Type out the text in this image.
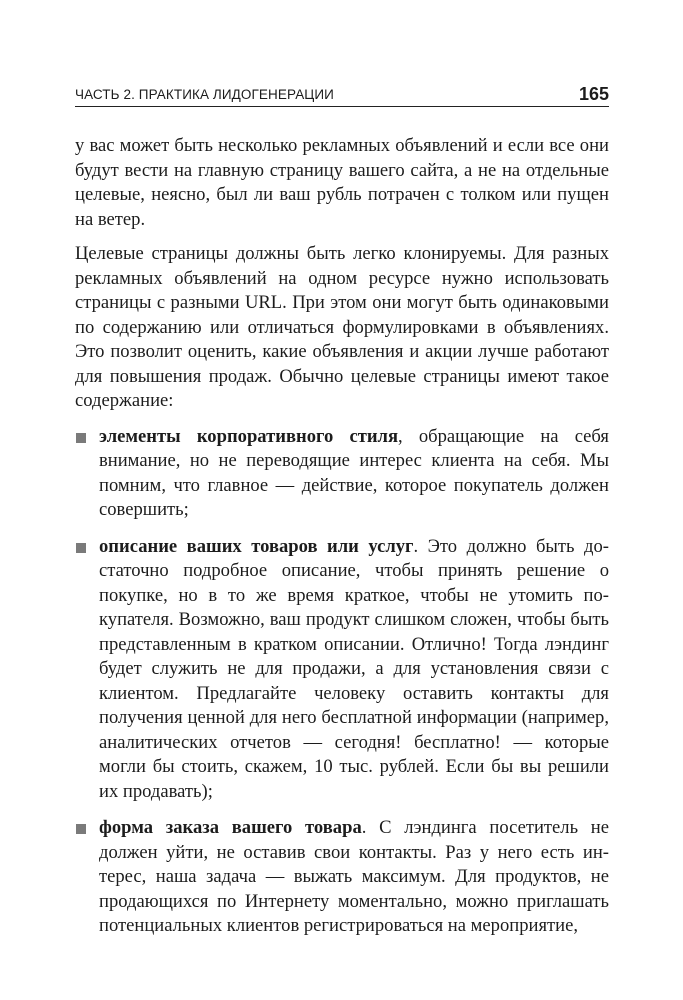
ЧАСТЬ 2. ПРАКТИКА ЛИДОГЕНЕРАЦИИ	165

у вас может быть несколько рекламных объявлений и если все они будут вести на главную страницу вашего сайта, а не на отдельные целевые, неясно, был ли ваш рубль потрачен с толком или пущен на ветер.

Целевые страницы должны быть легко клонируемы. Для разных рекламных объявлений на одном ресурсе нужно использовать страницы с разными URL. При этом они могут быть одинаковыми по содержанию или отличаться формулировками в объявлениях. Это позволит оценить, какие объявления и акции лучше работают для повышения продаж. Обычно целевые страницы имеют такое содержание:

элементы корпоративного стиля, обращающие на себя внимание, но не переводящие интерес клиента на себя. Мы помним, что главное — действие, которое покупатель должен совершить;
описание ваших товаров или услуг. Это должно быть достаточно подробное описание, чтобы принять решение о покупке, но в то же время краткое, чтобы не утомить покупателя. Возможно, ваш продукт слишком сложен, чтобы быть представленным в кратком описании. Отлично! Тогда лэндинг будет служить не для продажи, а для установления связи с клиентом. Предлагайте человеку оставить контакты для получения ценной для него бесплатной информации (например, аналитических отчетов — сегодня! бесплатно! — которые могли бы стоить, скажем, 10 тыс. рублей. Если бы вы решили их продавать);
форма заказа вашего товара. С лэндинга посетитель не должен уйти, не оставив свои контакты. Раз у него есть интерес, наша задача — выжать максимум. Для продуктов, не продающихся по Интернету моментально, можно приглашать потенциальных клиентов регистрироваться на мероприятие,
